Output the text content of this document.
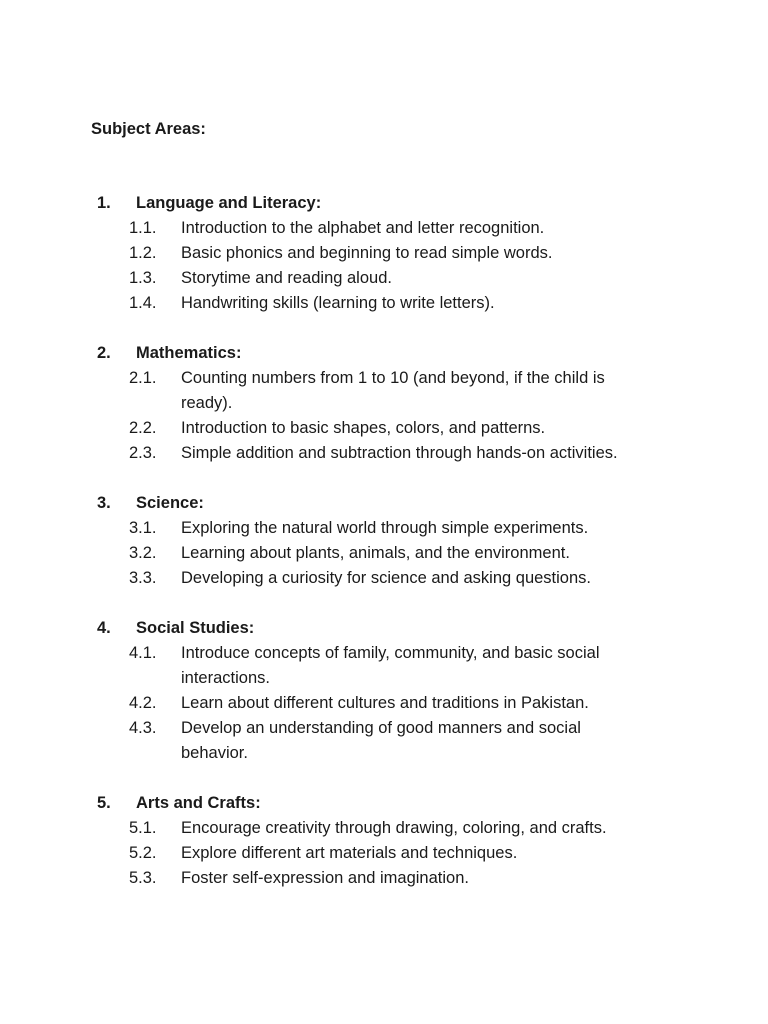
Subject Areas:
1. Language and Literacy:
1.1. Introduction to the alphabet and letter recognition.
1.2. Basic phonics and beginning to read simple words.
1.3. Storytime and reading aloud.
1.4. Handwriting skills (learning to write letters).
2. Mathematics:
2.1. Counting numbers from 1 to 10 (and beyond, if the child is ready).
2.2. Introduction to basic shapes, colors, and patterns.
2.3. Simple addition and subtraction through hands-on activities.
3. Science:
3.1. Exploring the natural world through simple experiments.
3.2. Learning about plants, animals, and the environment.
3.3. Developing a curiosity for science and asking questions.
4. Social Studies:
4.1. Introduce concepts of family, community, and basic social interactions.
4.2. Learn about different cultures and traditions in Pakistan.
4.3. Develop an understanding of good manners and social behavior.
5. Arts and Crafts:
5.1. Encourage creativity through drawing, coloring, and crafts.
5.2. Explore different art materials and techniques.
5.3. Foster self-expression and imagination.
